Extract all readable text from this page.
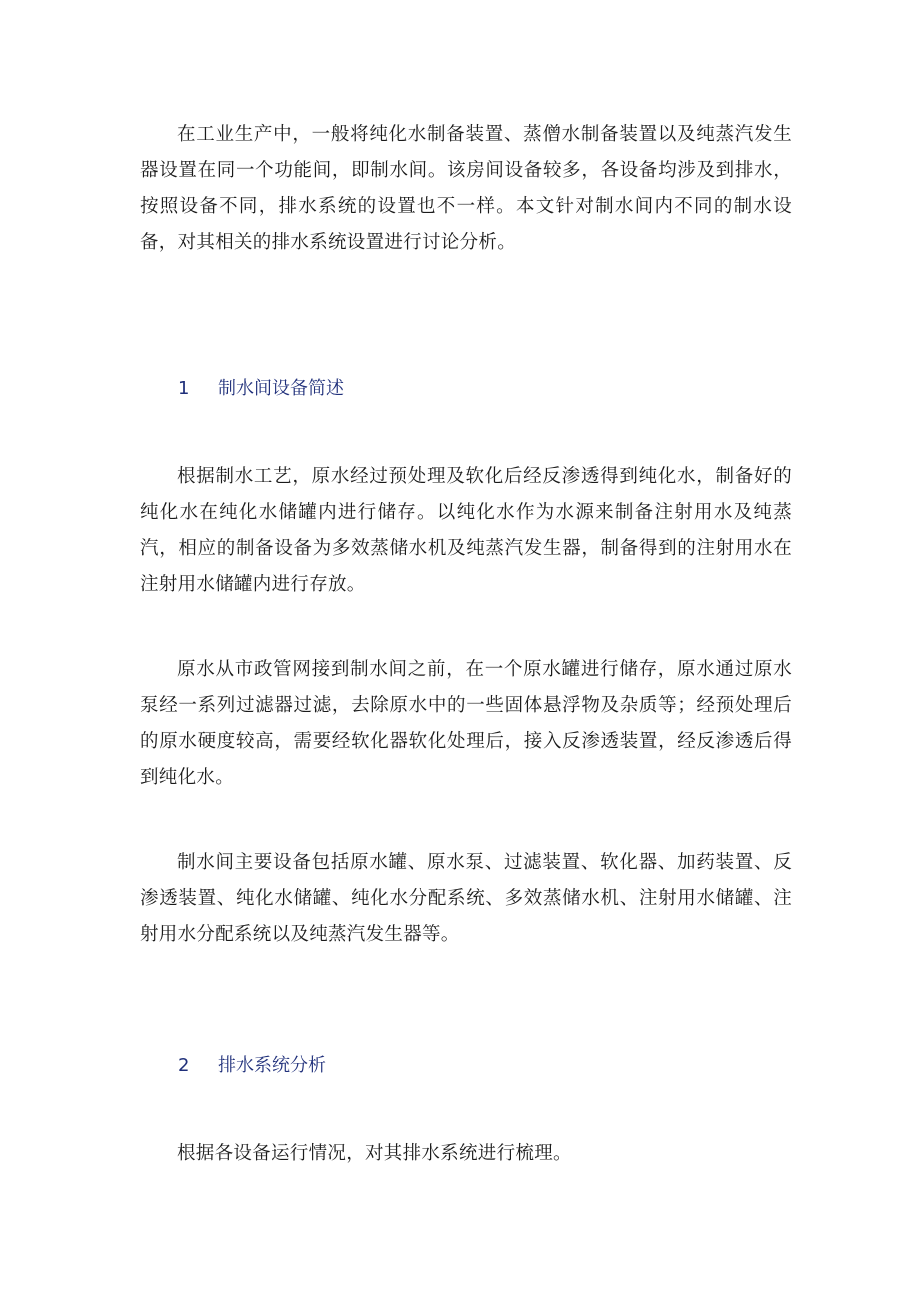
在工业生产中，一般将纯化水制备装置、蒸僧水制备装置以及纯蒸汽发生器设置在同一个功能间，即制水间。该房间设备较多，各设备均涉及到排水，按照设备不同，排水系统的设置也不一样。本文针对制水间内不同的制水设备，对其相关的排水系统设置进行讨论分析。

1 制水间设备简述

根据制水工艺，原水经过预处理及软化后经反渗透得到纯化水，制备好的纯化水在纯化水储罐内进行储存。以纯化水作为水源来制备注射用水及纯蒸汽，相应的制备设备为多效蒸储水机及纯蒸汽发生器，制备得到的注射用水在注射用水储罐内进行存放。

原水从市政管网接到制水间之前，在一个原水罐进行储存，原水通过原水泵经一系列过滤器过滤，去除原水中的一些固体悬浮物及杂质等；经预处理后的原水硬度较高，需要经软化器软化处理后，接入反渗透装置，经反渗透后得到纯化水。

制水间主要设备包括原水罐、原水泵、过滤装置、软化器、加药装置、反渗透装置、纯化水储罐、纯化水分配系统、多效蒸储水机、注射用水储罐、注射用水分配系统以及纯蒸汽发生器等。

2 排水系统分析

根据各设备运行情况，对其排水系统进行梳理。
